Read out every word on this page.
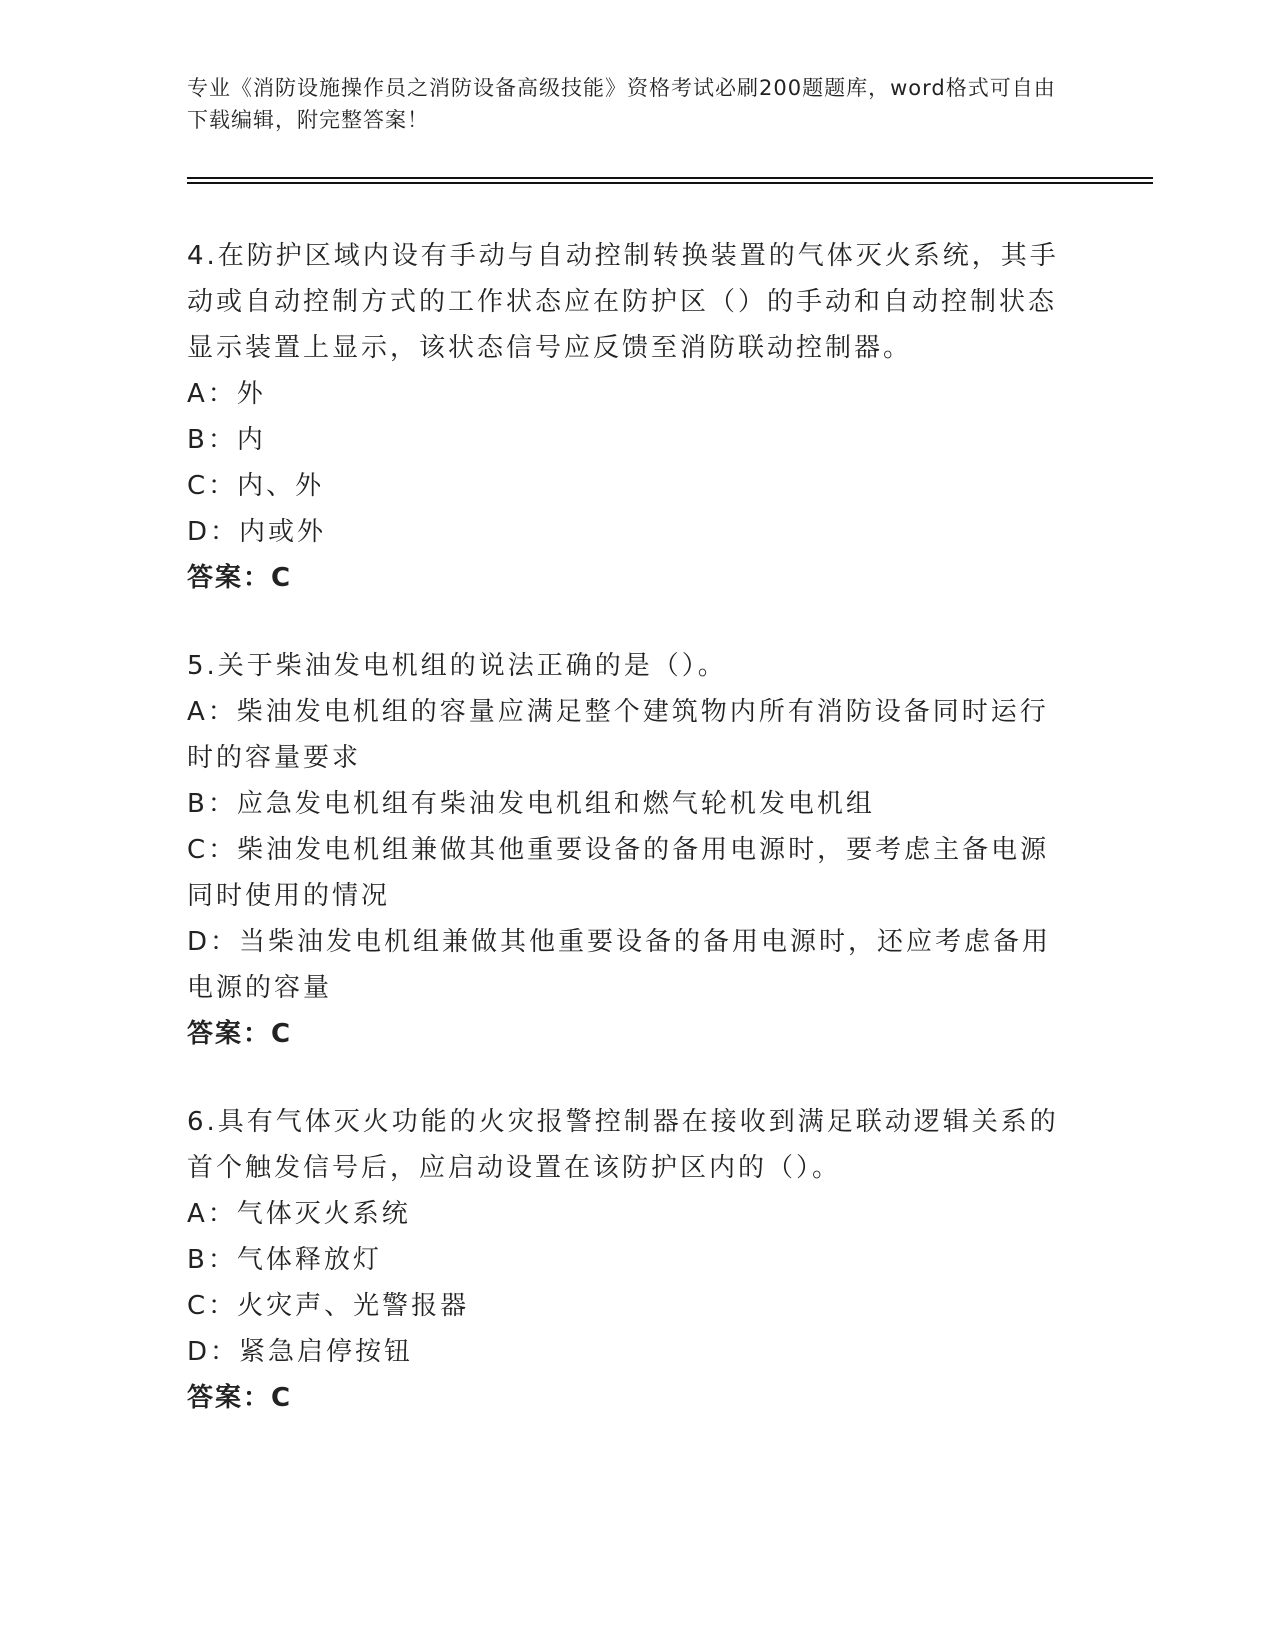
专业《消防设施操作员之消防设备高级技能》资格考试必刷200题题库，word格式可自由下载编辑，附完整答案！
4.在防护区域内设有手动与自动控制转换装置的气体灭火系统，其手动或自动控制方式的工作状态应在防护区（）的手动和自动控制状态显示装置上显示，该状态信号应反馈至消防联动控制器。
A：外
B：内
C：内、外
D：内或外
答案：C
5.关于柴油发电机组的说法正确的是（）。
A：柴油发电机组的容量应满足整个建筑物内所有消防设备同时运行时的容量要求
B：应急发电机组有柴油发电机组和燃气轮机发电机组
C：柴油发电机组兼做其他重要设备的备用电源时，要考虑主备电源同时使用的情况
D：当柴油发电机组兼做其他重要设备的备用电源时，还应考虑备用电源的容量
答案：C
6.具有气体灭火功能的火灾报警控制器在接收到满足联动逻辑关系的首个触发信号后，应启动设置在该防护区内的（）。
A：气体灭火系统
B：气体释放灯
C：火灾声、光警报器
D：紧急启停按钮
答案：C
